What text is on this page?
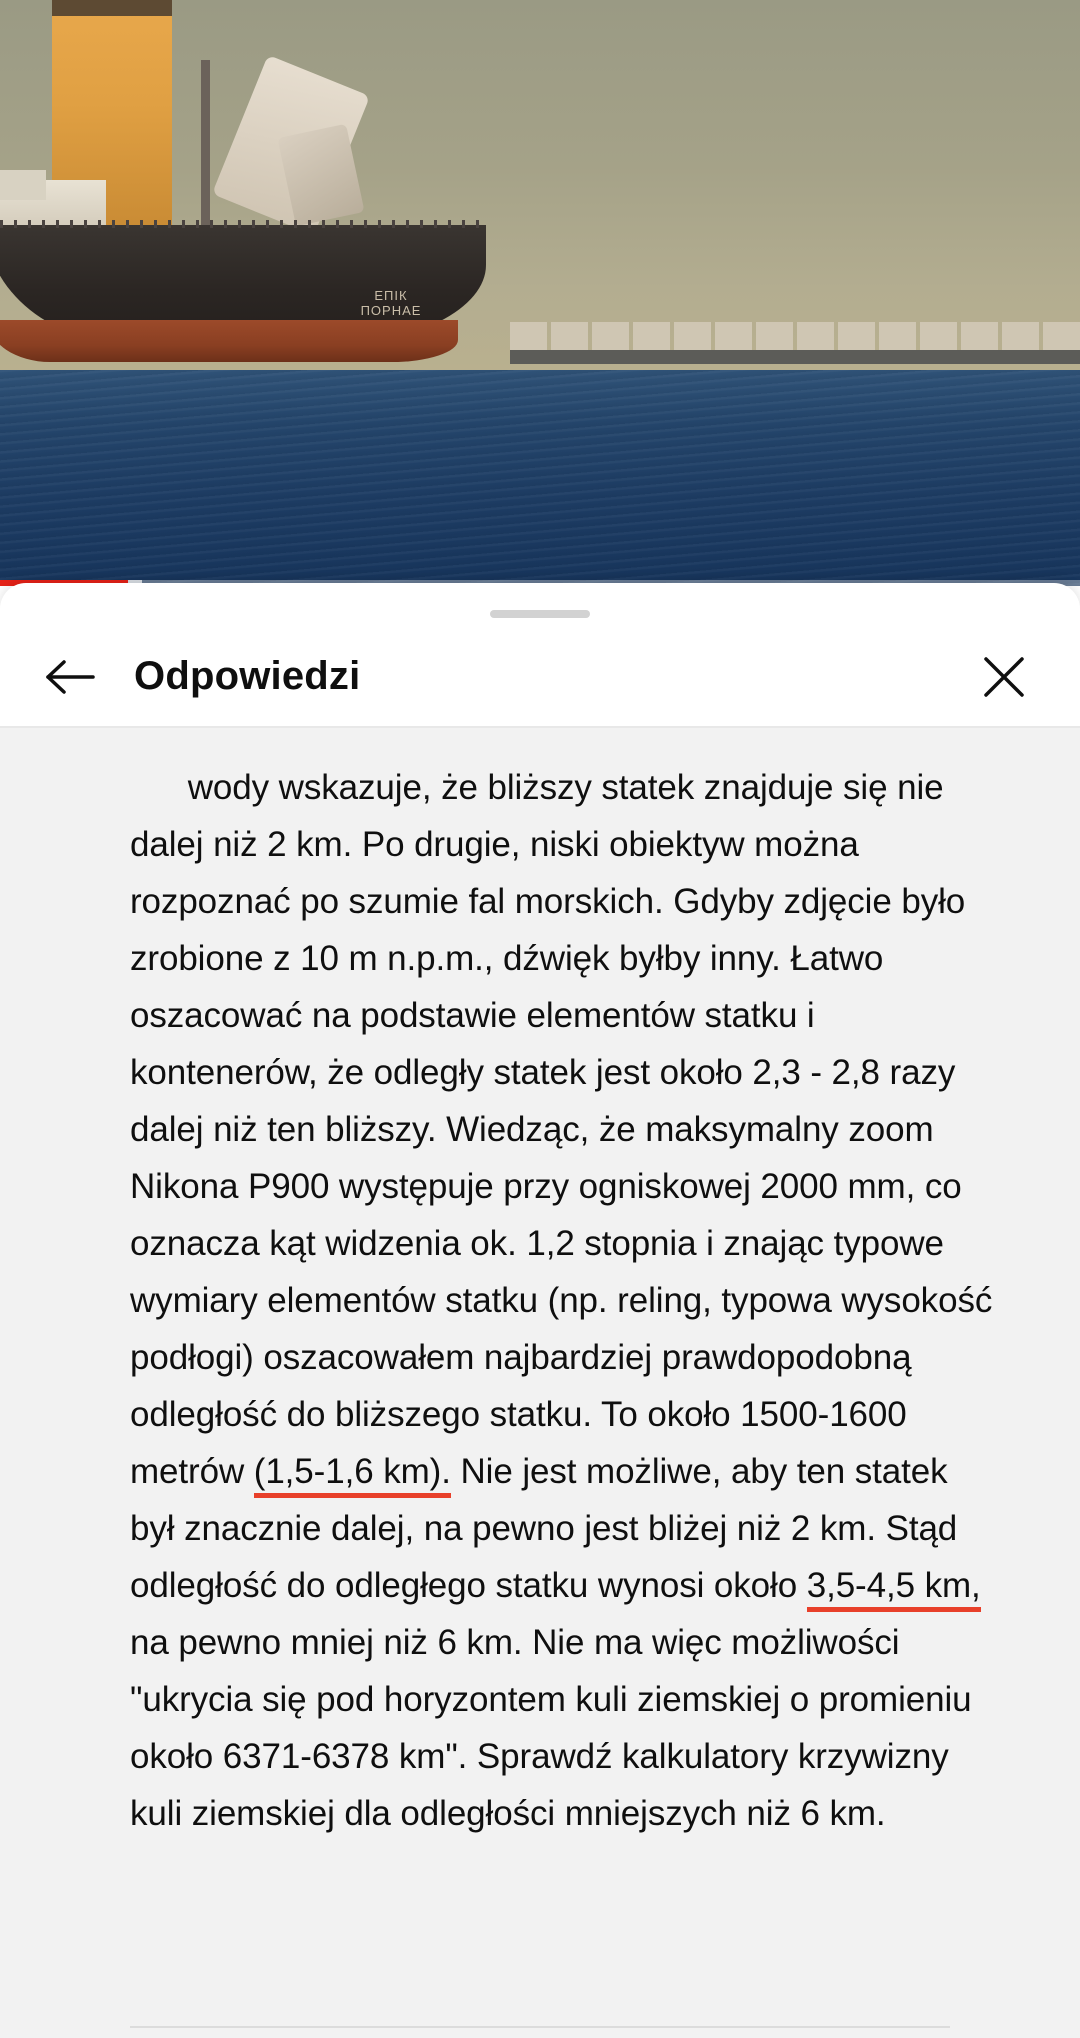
ЕПІК ПОРНАЕ
Odpowiedzi

wody wskazuje, że bliższy statek znajduje się nie dalej niż 2 km. Po drugie, niski obiektyw można rozpoznać po szumie fal morskich. Gdyby zdjęcie było zrobione z 10 m n.p.m., dźwięk byłby inny. Łatwo oszacować na podstawie elementów statku i kontenerów, że odległy statek jest około 2,3 - 2,8 razy dalej niż ten bliższy. Wiedząc, że maksymalny zoom Nikona P900 występuje przy ogniskowej 2000 mm, co oznacza kąt widzenia ok. 1,2 stopnia i znając typowe wymiary elementów statku (np. reling, typowa wysokość podłogi) oszacowałem najbardziej prawdopodobną odległość do bliższego statku. To około 1500-1600 metrów (1,5-1,6 km). Nie jest możliwe, aby ten statek był znacznie dalej, na pewno jest bliżej niż 2 km. Stąd odległość do odległego statku wynosi około 3,5-4,5 km, na pewno mniej niż 6 km. Nie ma więc możliwości "ukrycia się pod horyzontem kuli ziemskiej o promieniu około 6371-6378 km". Sprawdź kalkulatory krzywizny kuli ziemskiej dla odległości mniejszych niż 6 km.
